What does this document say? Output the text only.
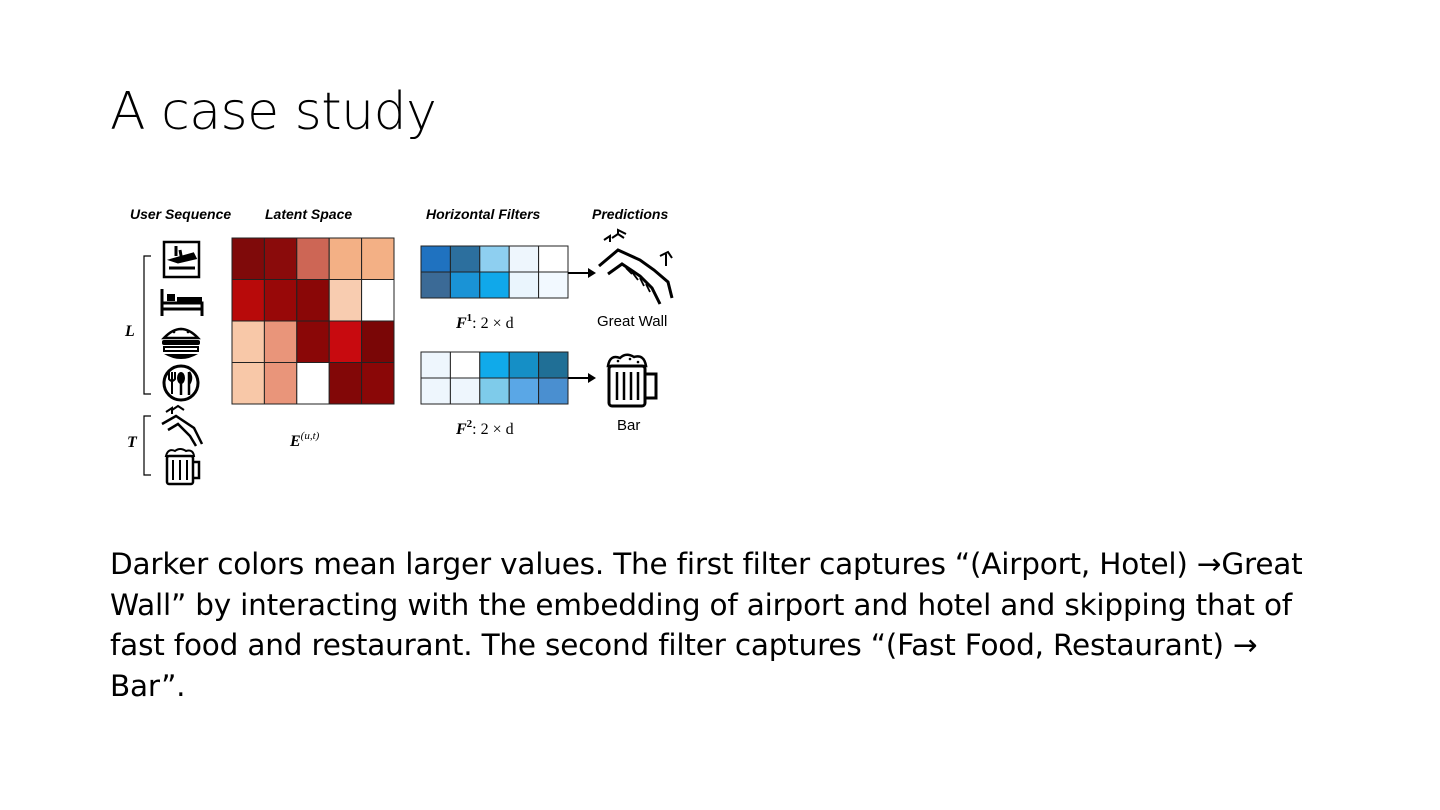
A case study
User Sequence Latent Space	Horizontal Filters	Predictions
L
T	E$^{(u,t)}$
$F^1$: 2 × d
$F^2$: 2 × d
Great Wall
Bar

Darker colors mean larger values. The first filter captures “(Airport, Hotel) →Great Wall” by interacting with the embedding of airport and hotel and skipping that of fast food and restaurant. The second filter captures “(Fast Food, Restaurant) → Bar”.
